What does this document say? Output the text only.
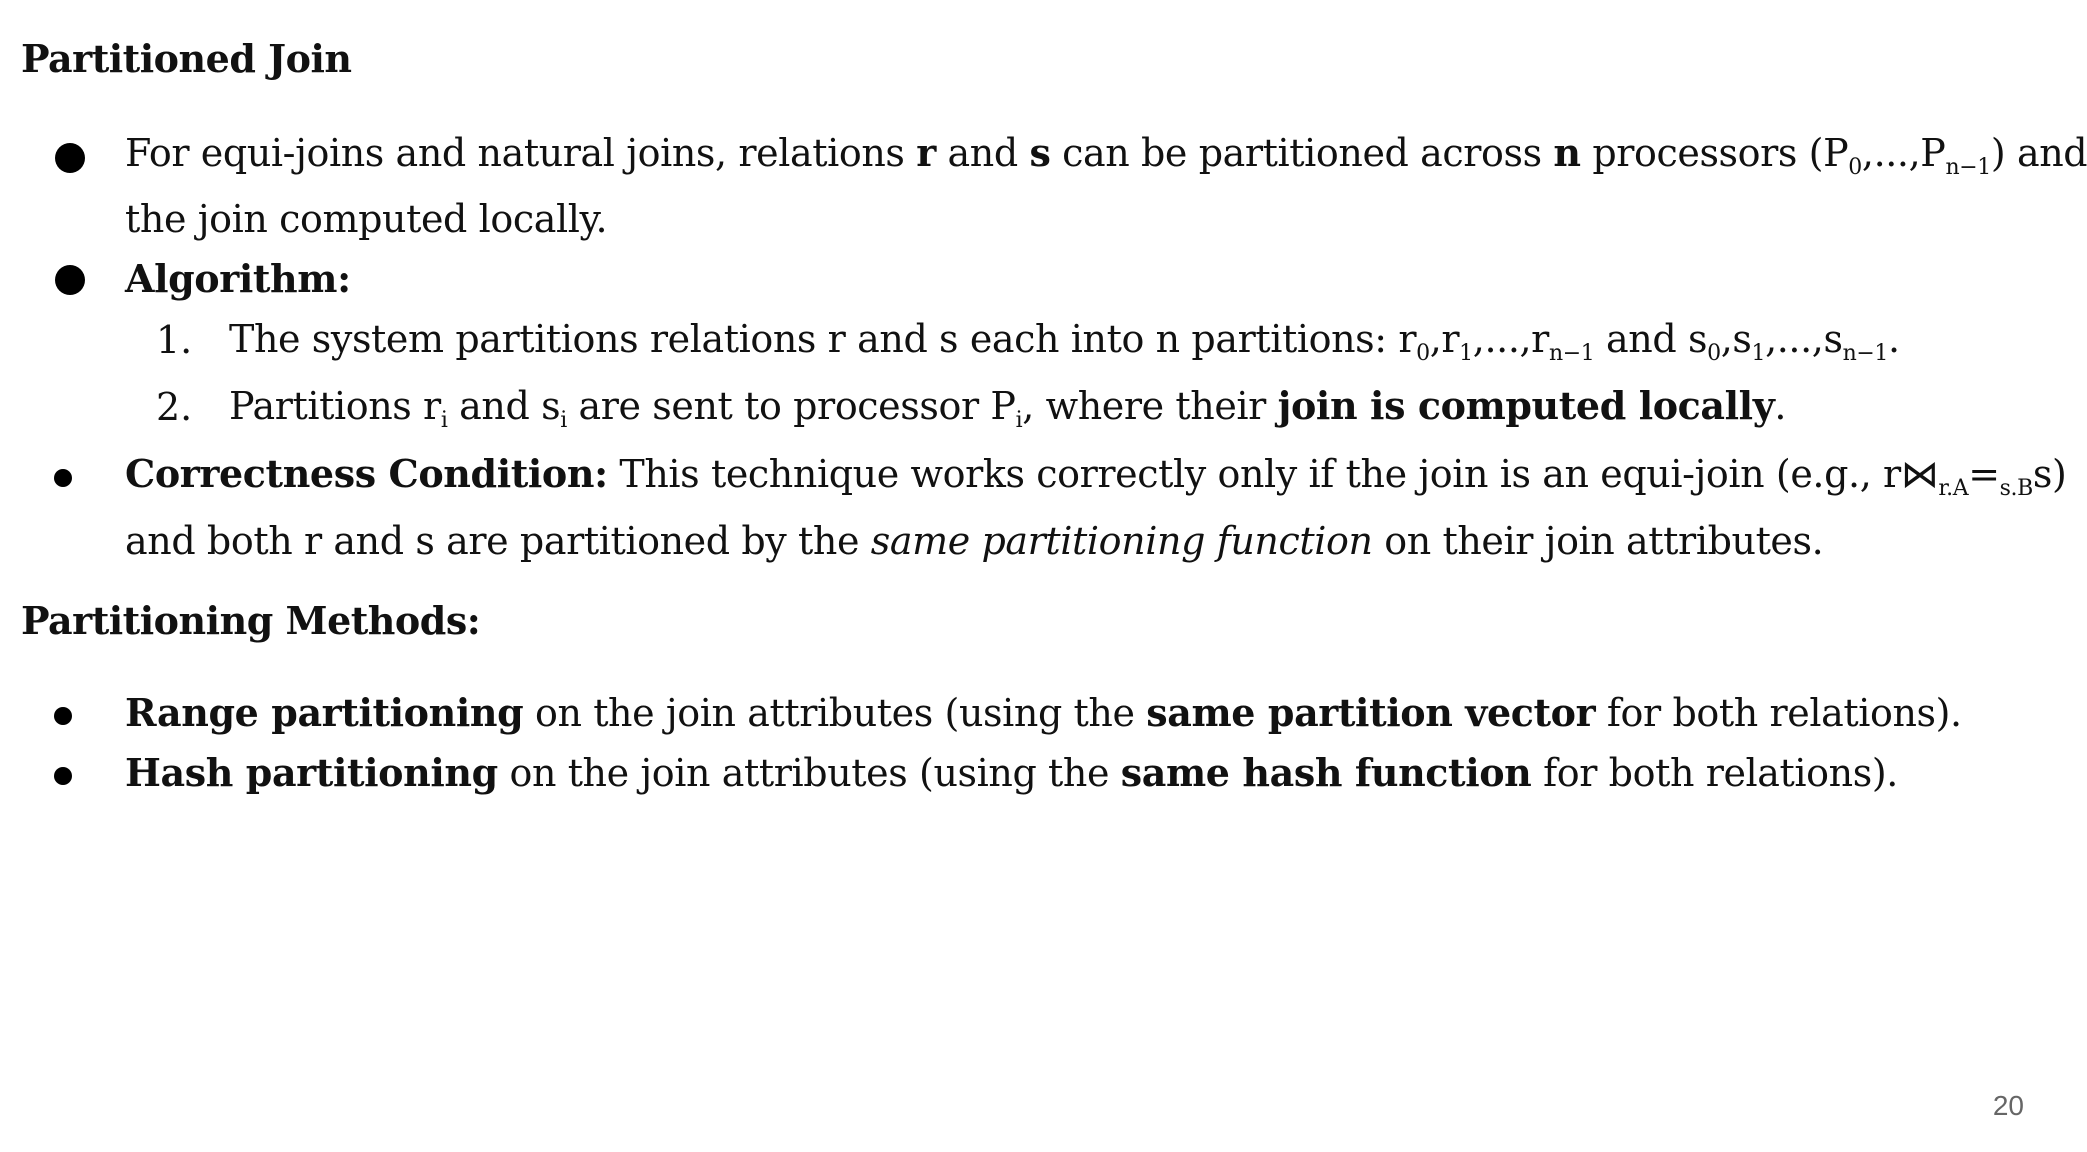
Partitioned Join
For equi-joins and natural joins, relations r and s can be partitioned across n processors $(P_0,...,P_{n-1})$ and
the join computed locally.
Algorithm:
1. The system partitions relations r and s each into n partitions: $r_0,r_1,...,r_{n-1}$ and $s_0,s_1,...,s_{n-1}$.
2. Partitions $r_i$ and $s_i$ are sent to processor $P_i$, where their join is computed locally.
Correctness Condition: This technique works correctly only if the join is an equi-join (e.g., $r⋈_{r.A}=_{s.B}s$)
and both r and s are partitioned by the same partitioning function on their join attributes.
Partitioning Methods:
Range partitioning on the join attributes (using the same partition vector for both relations).
Hash partitioning on the join attributes (using the same hash function for both relations).
20
